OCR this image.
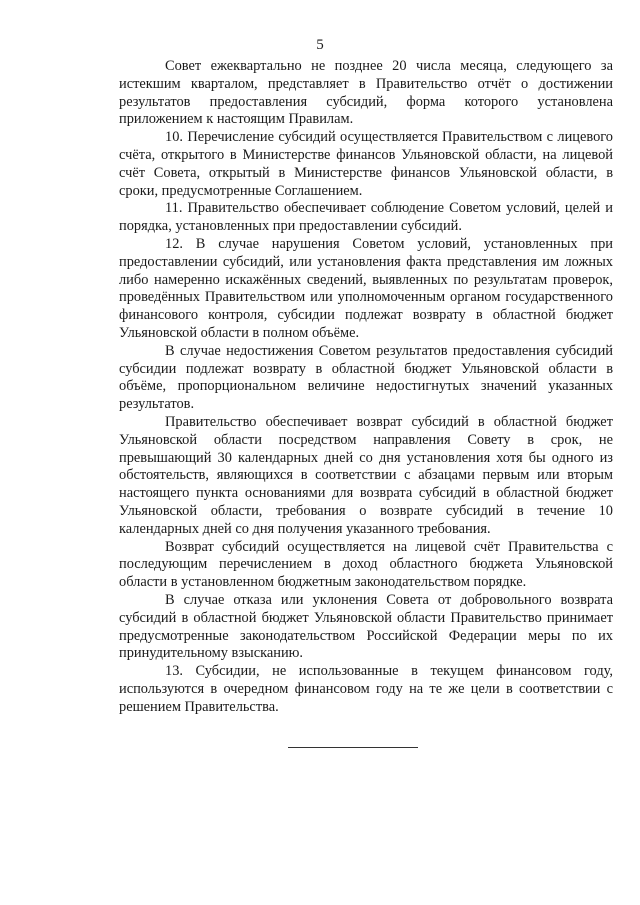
5

Совет ежеквартально не позднее 20 числа месяца, следующего за истекшим кварталом, представляет в Правительство отчёт о достижении результатов предоставления субсидий, форма которого установлена приложением к настоящим Правилам.

10. Перечисление субсидий осуществляется Правительством с лицевого счёта, открытого в Министерстве финансов Ульяновской области, на лицевой счёт Совета, открытый в Министерстве финансов Ульяновской области, в сроки, предусмотренные Соглашением.

11. Правительство обеспечивает соблюдение Советом условий, целей и порядка, установленных при предоставлении субсидий.

12. В случае нарушения Советом условий, установленных при предоставлении субсидий, или установления факта представления им ложных либо намеренно искажённых сведений, выявленных по результатам проверок, проведённых Правительством или уполномоченным органом государственного финансового контроля, субсидии подлежат возврату в областной бюджет Ульяновской области в полном объёме.

В случае недостижения Советом результатов предоставления субсидий субсидии подлежат возврату в областной бюджет Ульяновской области в объёме, пропорциональном величине недостигнутых значений указанных результатов.

Правительство обеспечивает возврат субсидий в областной бюджет Ульяновской области посредством направления Совету в срок, не превышающий 30 календарных дней со дня установления хотя бы одного из обстоятельств, являющихся в соответствии с абзацами первым или вторым настоящего пункта основаниями для возврата субсидий в областной бюджет Ульяновской области, требования о возврате субсидий в течение 10 календарных дней со дня получения указанного требования.

Возврат субсидий осуществляется на лицевой счёт Правительства с последующим перечислением в доход областного бюджета Ульяновской области в установленном бюджетным законодательством порядке.

В случае отказа или уклонения Совета от добровольного возврата субсидий в областной бюджет Ульяновской области Правительство принимает предусмотренные законодательством Российской Федерации меры по их принудительному взысканию.

13. Субсидии, не использованные в текущем финансовом году, используются в очередном финансовом году на те же цели в соответствии с решением Правительства.
